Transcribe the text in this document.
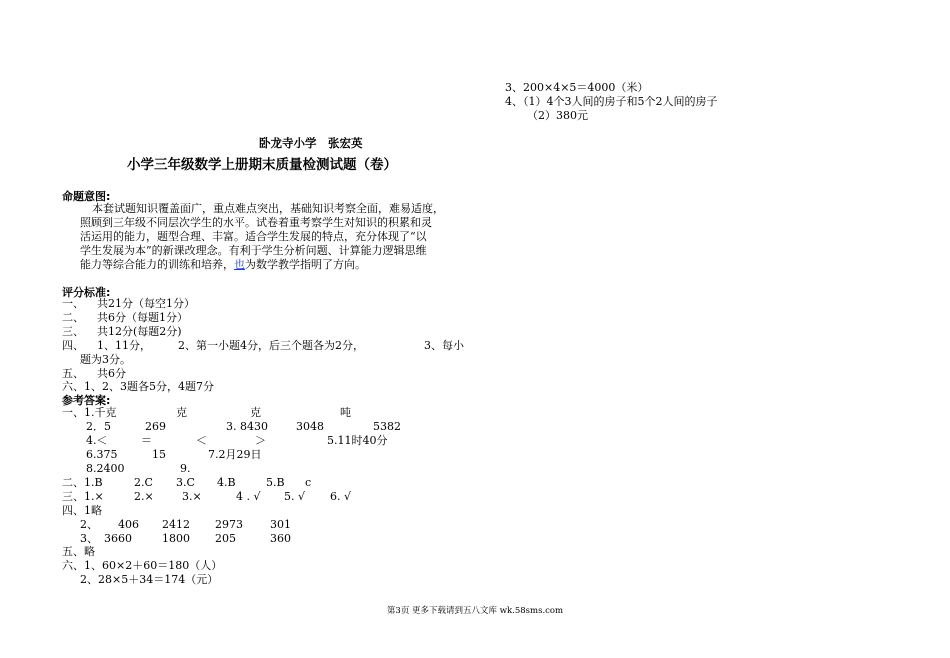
3、200×4×5＝4000（米）
4、（1）4个3人间的房子和5个2人间的房子
（2）380元
卧龙寺小学　张宏英
小学三年级数学上册期末质量检测试题（卷）
命题意图:
本套试题知识覆盖面广，重点难点突出，基础知识考察全面，难易适度，
照顾到三年级不同层次学生的水平。试卷着重考察学生对知识的积累和灵
活运用的能力，题型合理、丰富。适合学生发展的特点，充分体现了“以
学生发展为本”的新课改理念。有利于学生分析问题、计算能力逻辑思维
能力等综合能力的训练和培养，也为数学教学指明了方向。
评分标准:
一、 共21分（每空1分）
二、 共6分（每题1分）
三、 共12分(每题2分)
四、 1、11分， 2、第一小题4分，后三个题各为2分，	3、每小
题为3分。
五、 共6分
六、1、2、3题各5分，4题7分
参考答案:
一、1.千克	克	克	吨
2．5	269	3. 8430	3048	5382
4.＜	＝	＜	＞	5.11时40分
6.375	15	7.2月29日
8.2400	9.
二、1.B	2.C 3.C 4.B	5.B c
三、1.×	2.×	3.×	4 . √ 5. √ 6. √
四、1略
2、 406 2412 2973 301
3、 3660	1800 205	360
五、略
六、1、60×2＋60＝180（人）
2、28×5＋34＝174（元）
第3页 更多下载请到五八文库 wk.58sms.com
